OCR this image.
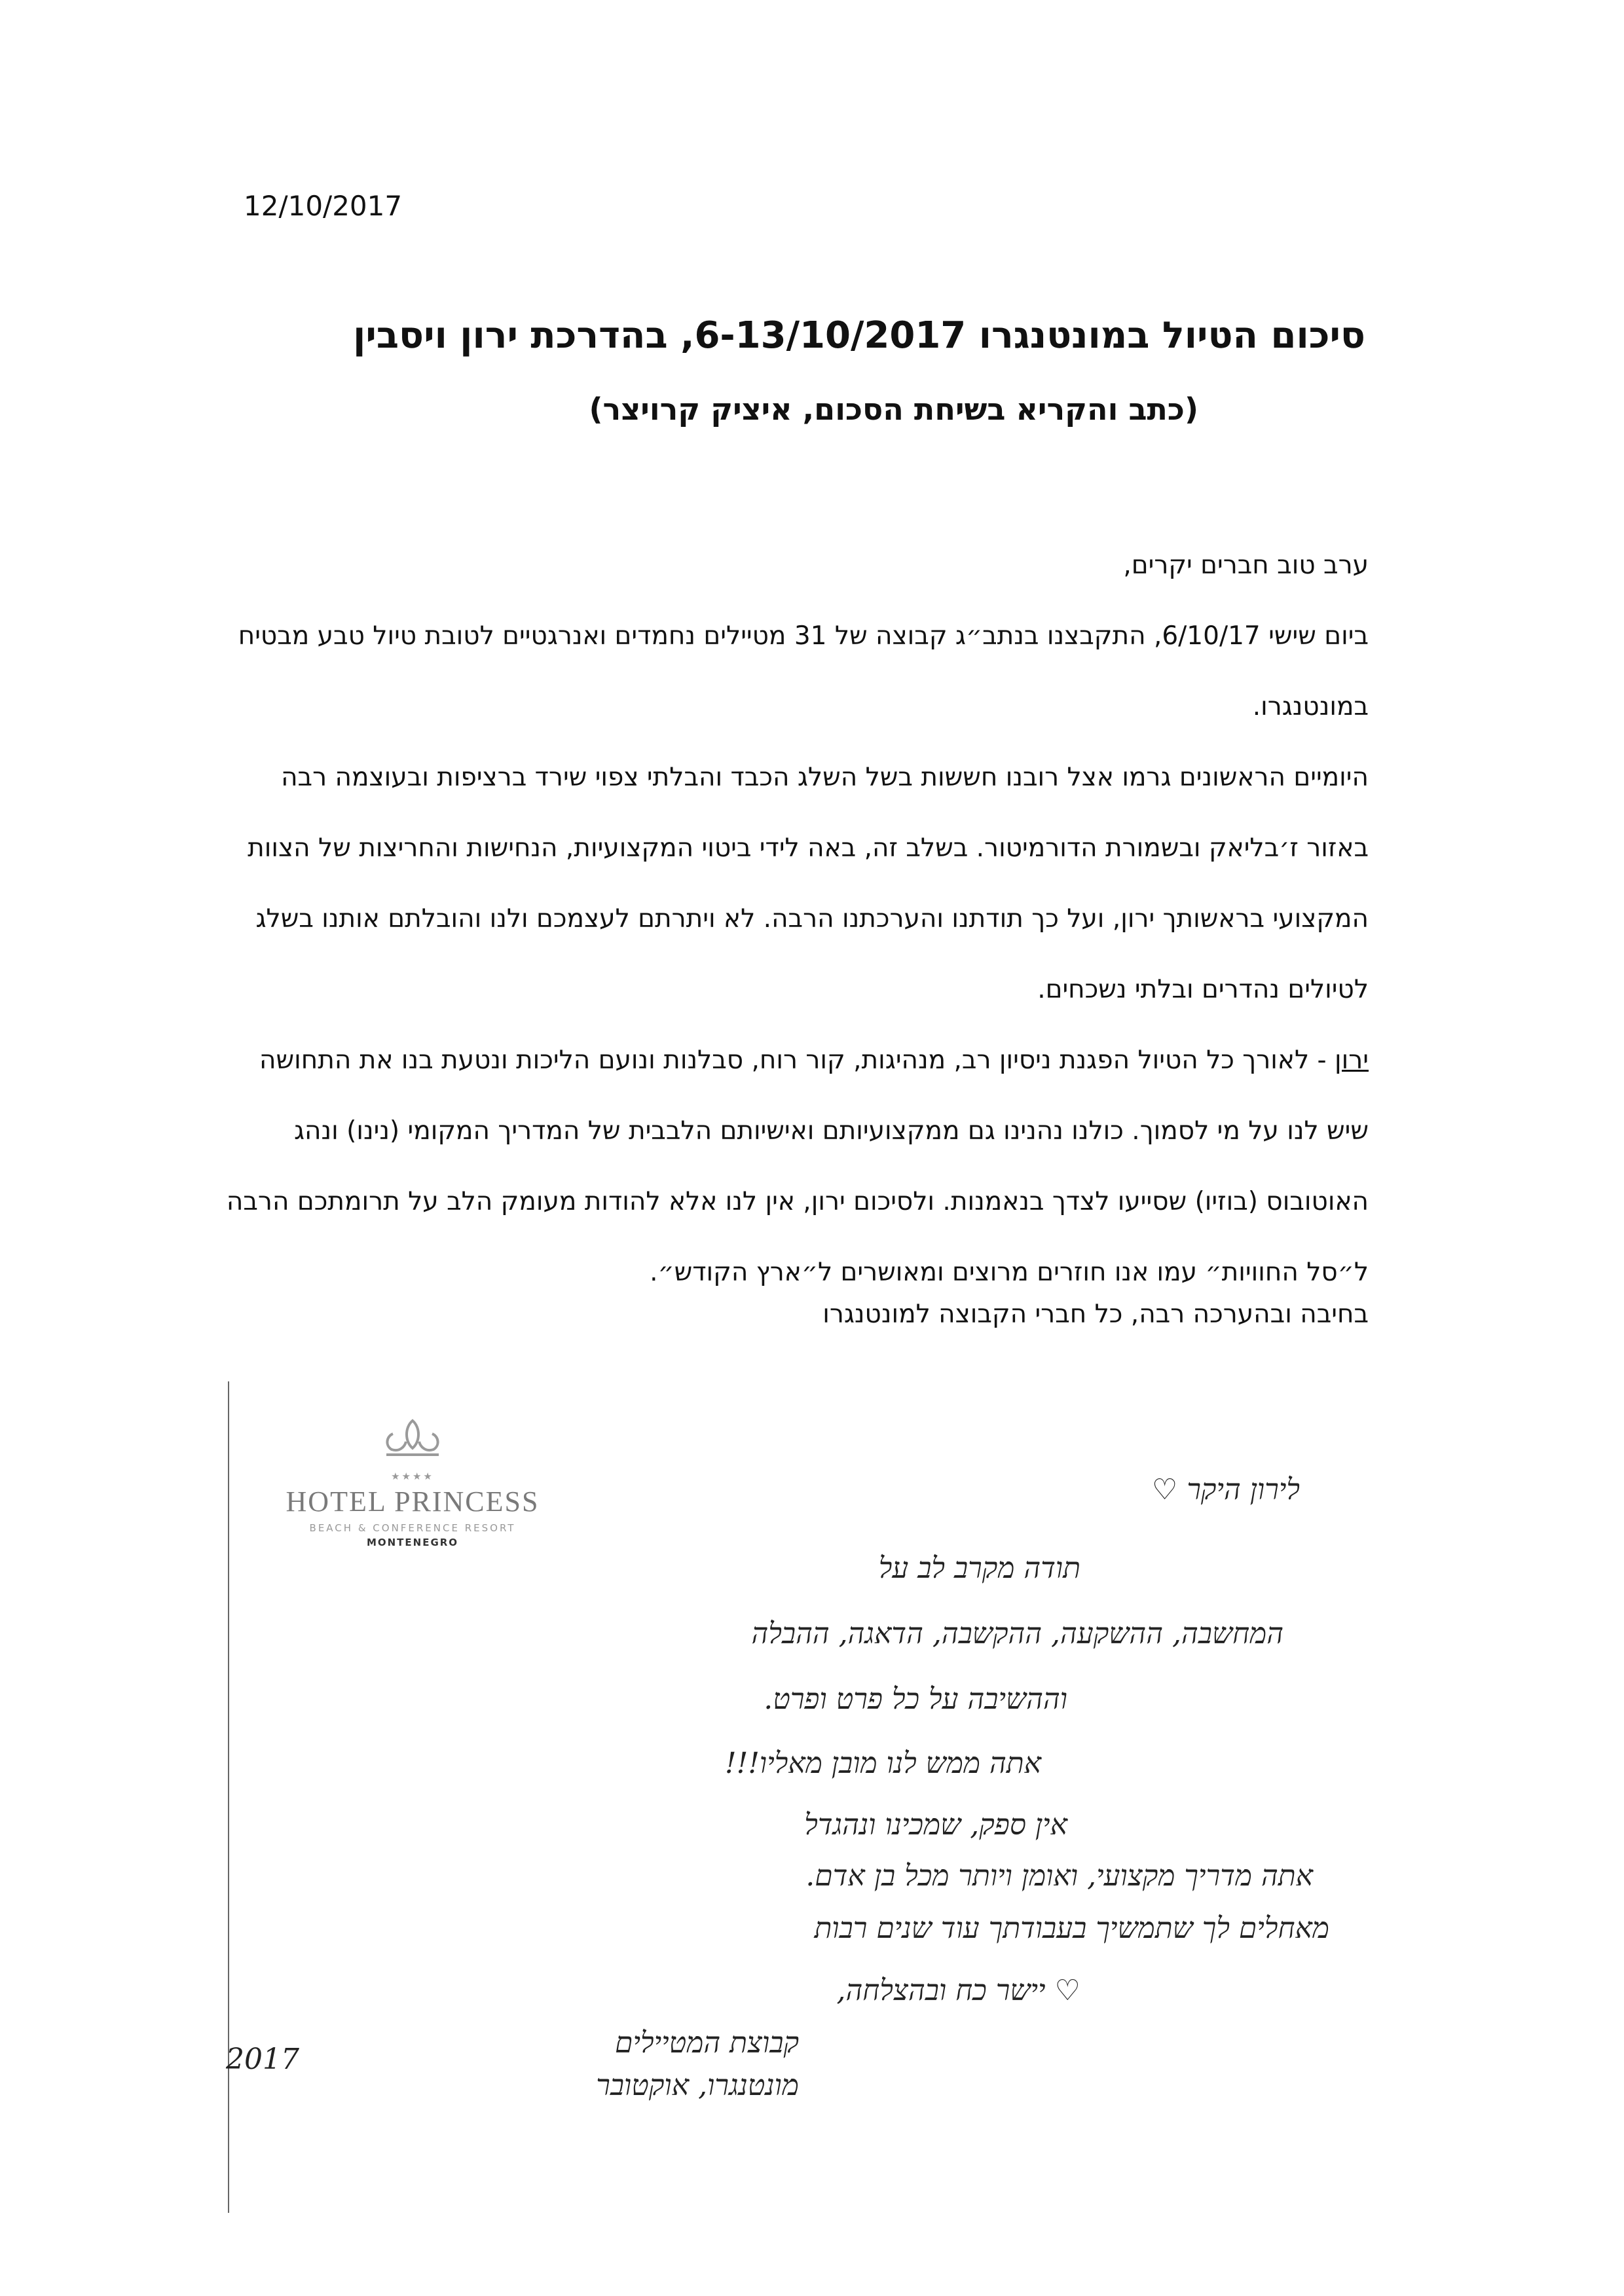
12/10/2017
סיכום הטיול במונטנגרו 6-13/10/2017, בהדרכת ירון ויסבין
(כתב והקריא בשיחת הסכום, איציק קרויצר)

ערב טוב חברים יקרים,

ביום שישי 6/10/17, התקבצנו בנתב״ג קבוצה של 31 מטיילים נחמדים ואנרגטיים לטובת טיול טבע מבטיח במונטנגרו.

היומיים הראשונים גרמו אצל רובנו חששות בשל השלג הכבד והבלתי צפוי שירד ברציפות ובעוצמה רבה באזור ז׳בליאק ובשמורת הדורמיטור. בשלב זה, באה לידי ביטוי המקצועיות, הנחישות והחריצות של הצוות המקצועי בראשותך ירון, ועל כך תודתנו והערכתנו הרבה. לא ויתרתם לעצמכם ולנו והובלתם אותנו בשלג לטיולים נהדרים ובלתי נשכחים.

ירון - לאורך כל הטיול הפגנת ניסיון רב, מנהיגות, קור רוח, סבלנות ונועם הליכות ונטעת בנו את התחושה שיש לנו על מי לסמוך. כולנו נהנינו גם ממקצועיותם ואישיותם הלבבית של המדריך המקומי (נינו) ונהג האוטובוס (בוזיו) שסייעו לצדך בנאמנות. ולסיכום ירון, אין לנו אלא להודות מעומק הלב על תרומתכם הרבה ל״סל החוויות״ עמו אנו חוזרים מרוצים ומאושרים ל״ארץ הקודש״.

בחיבה ובהערכה רבה, כל חברי הקבוצה למונטנגרו
★★★★
HOTEL PRINCESS
BEACH & CONFERENCE RESORT
MONTENEGRO
לירון היקר ♡
תודה מקרב לב על
המחשבה, ההשקעה, ההקשבה, הדאגה, ההבלה
וההשיבה על כל פרט ופרט.
אתה ממש לנו מובן מאליו!!!
אין ספק, שמכינו ונהגדל
אתה מדריך מקצועי, ואומן ויותר מכל בן אדם.
מאחלים לך שתמשיך בעבודתך עוד שנים רבות
♡ יישר כח ובהצלחה,
קבוצת המטיילים
מונטנגרו, אוקטובר
2017
